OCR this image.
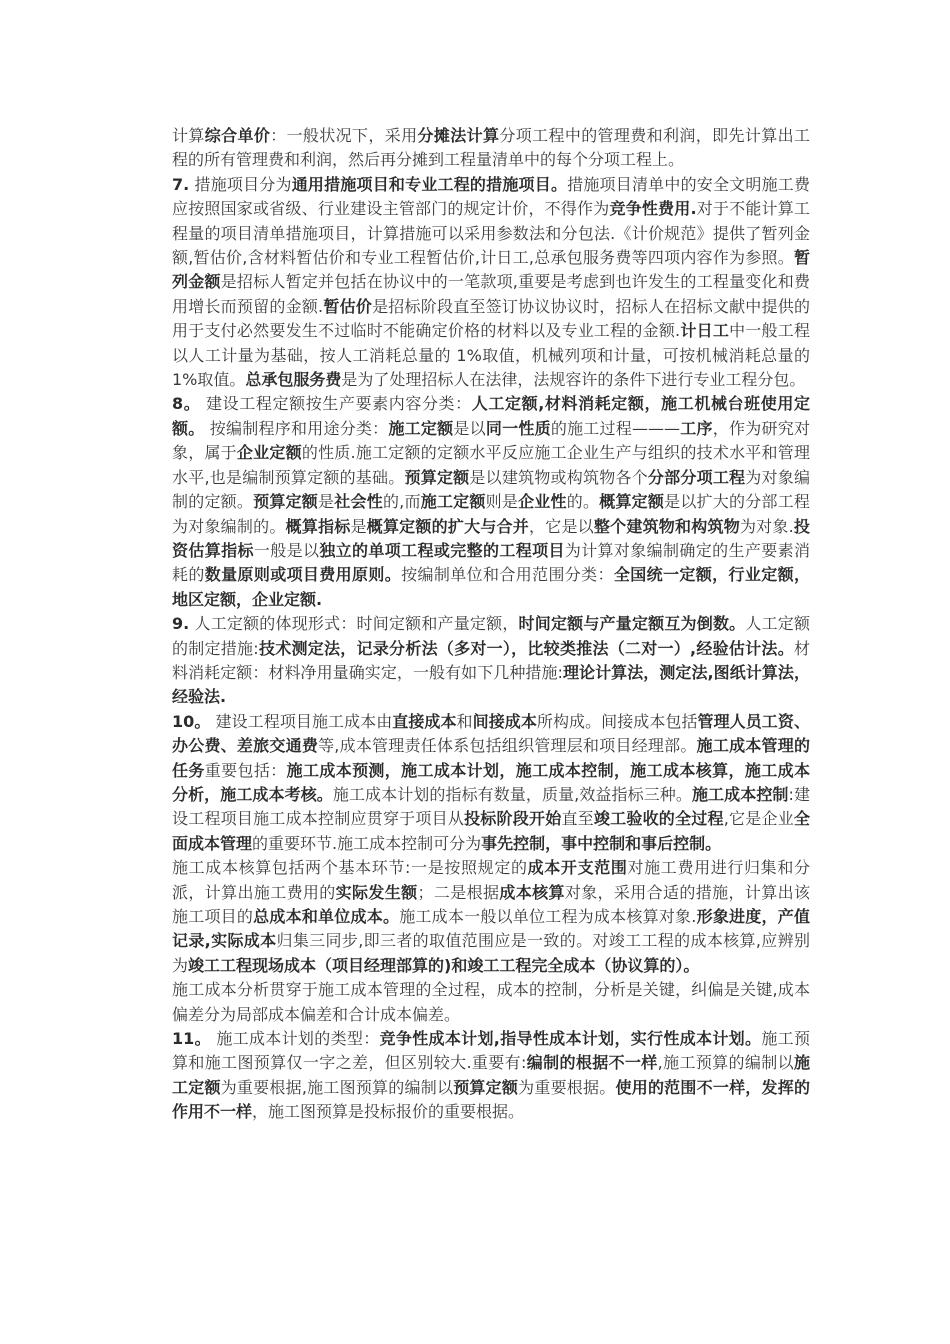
计算综合单价：一般状况下，采用分摊法计算分项工程中的管理费和利润，即先计算出工程的所有管理费和利润，然后再分摊到工程量清单中的每个分项工程上。

7. 措施项目分为通用措施项目和专业工程的措施项目。措施项目清单中的安全文明施工费应按照国家或省级、行业建设主管部门的规定计价，不得作为竞争性费用.对于不能计算工程量的项目清单措施项目，计算措施可以采用参数法和分包法.《计价规范》提供了暂列金额,暂估价,含材料暂估价和专业工程暂估价,计日工,总承包服务费等四项内容作为参照。暂列金额是招标人暂定并包括在协议中的一笔款项,重要是考虑到也许发生的工程量变化和费用增长而预留的金额.暂估价是招标阶段直至签订协议协议时，招标人在招标文献中提供的用于支付必然要发生不过临时不能确定价格的材料以及专业工程的金额.计日工中一般工程以人工计量为基础，按人工消耗总量的 1%取值，机械列项和计量，可按机械消耗总量的 1%取值。总承包服务费是为了处理招标人在法律，法规容许的条件下进行专业工程分包。

8。 建设工程定额按生产要素内容分类：人工定额,材料消耗定额，施工机械台班使用定额。 按编制程序和用途分类：施工定额是以同一性质的施工过程———工序，作为研究对象，属于企业定额的性质.施工定额的定额水平反应施工企业生产与组织的技术水平和管理水平,也是编制预算定额的基础。预算定额是以建筑物或构筑物各个分部分项工程为对象编制的定额。预算定额是社会性的,而施工定额则是企业性的。概算定额是以扩大的分部工程为对象编制的。概算指标是概算定额的扩大与合并，它是以整个建筑物和构筑物为对象.投资估算指标一般是以独立的单项工程或完整的工程项目为计算对象编制确定的生产要素消耗的数量原则或项目费用原则。按编制单位和合用范围分类：全国统一定额，行业定额，地区定额，企业定额.

9. 人工定额的体现形式：时间定额和产量定额，时间定额与产量定额互为倒数。人工定额的制定措施:技术测定法，记录分析法（多对一），比较类推法（二对一）,经验估计法。材料消耗定额：材料净用量确实定，一般有如下几种措施:理论计算法，测定法,图纸计算法，经验法.

10。 建设工程项目施工成本由直接成本和间接成本所构成。间接成本包括管理人员工资、办公费、差旅交通费等,成本管理责任体系包括组织管理层和项目经理部。施工成本管理的任务重要包括：施工成本预测，施工成本计划，施工成本控制，施工成本核算，施工成本分析，施工成本考核。施工成本计划的指标有数量，质量,效益指标三种。施工成本控制:建设工程项目施工成本控制应贯穿于项目从投标阶段开始直至竣工验收的全过程,它是企业全面成本管理的重要环节.施工成本控制可分为事先控制，事中控制和事后控制。

施工成本核算包括两个基本环节:一是按照规定的成本开支范围对施工费用进行归集和分派，计算出施工费用的实际发生额；二是根据成本核算对象，采用合适的措施，计算出该施工项目的总成本和单位成本。施工成本一般以单位工程为成本核算对象.形象进度，产值记录,实际成本归集三同步,即三者的取值范围应是一致的。对竣工工程的成本核算,应辨别为竣工工程现场成本（项目经理部算的)和竣工工程完全成本（协议算的）。

施工成本分析贯穿于施工成本管理的全过程，成本的控制，分析是关键，纠偏是关键,成本偏差分为局部成本偏差和合计成本偏差。

11。 施工成本计划的类型：竞争性成本计划,指导性成本计划，实行性成本计划。施工预算和施工图预算仅一字之差，但区别较大.重要有:编制的根据不一样,施工预算的编制以施工定额为重要根据,施工图预算的编制以预算定额为重要根据。使用的范围不一样，发挥的作用不一样，施工图预算是投标报价的重要根据。
